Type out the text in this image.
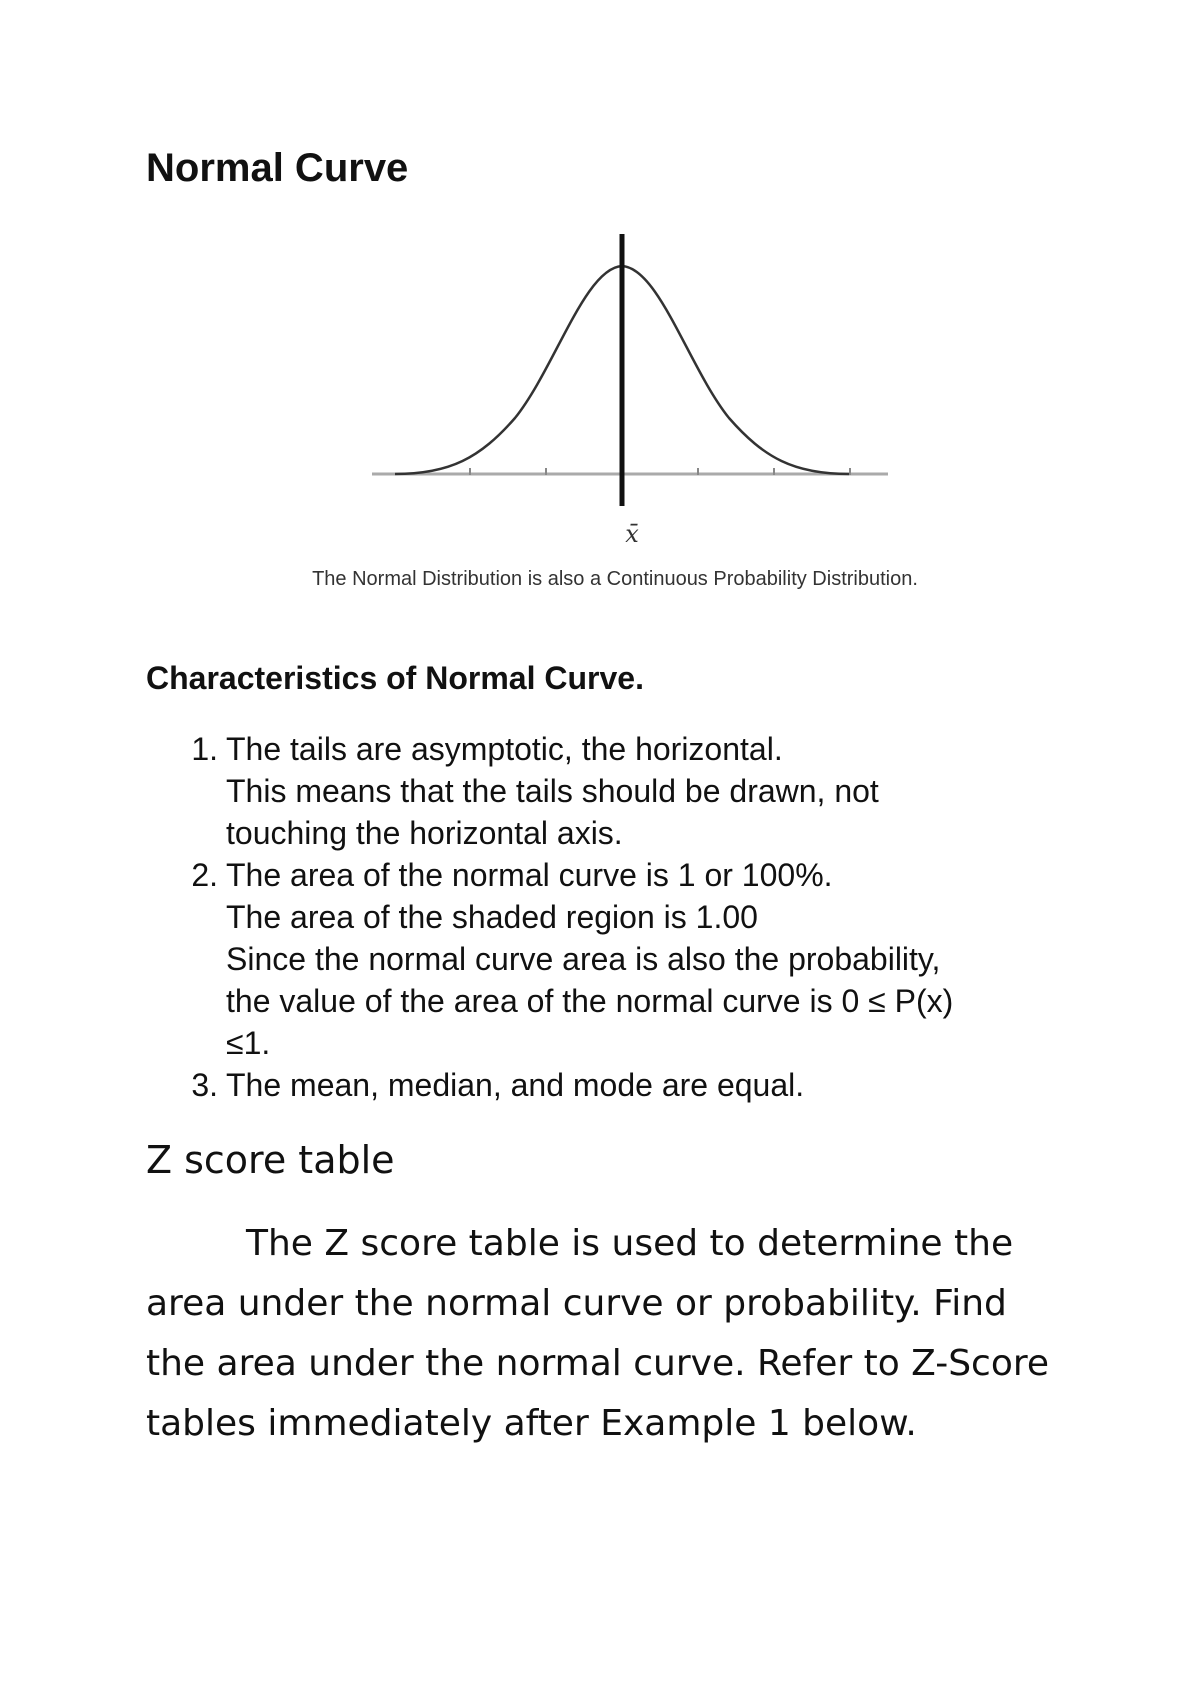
Normal Curve
x̄
The Normal Distribution is also a Continuous Probability Distribution.
Characteristics of Normal Curve.
1. The tails are asymptotic, the horizontal.
This means that the tails should be drawn, not
touching the horizontal axis.
2. The area of the normal curve is 1 or 100%.
The area of the shaded region is 1.00
Since the normal curve area is also the probability,
the value of the area of the normal curve is 0 ≤ P(x)
≤1.
3. The mean, median, and mode are equal.
Z score table

The Z score table is used to determine the
area under the normal curve or probability. Find
the area under the normal curve. Refer to Z-Score
tables immediately after Example 1 below.
